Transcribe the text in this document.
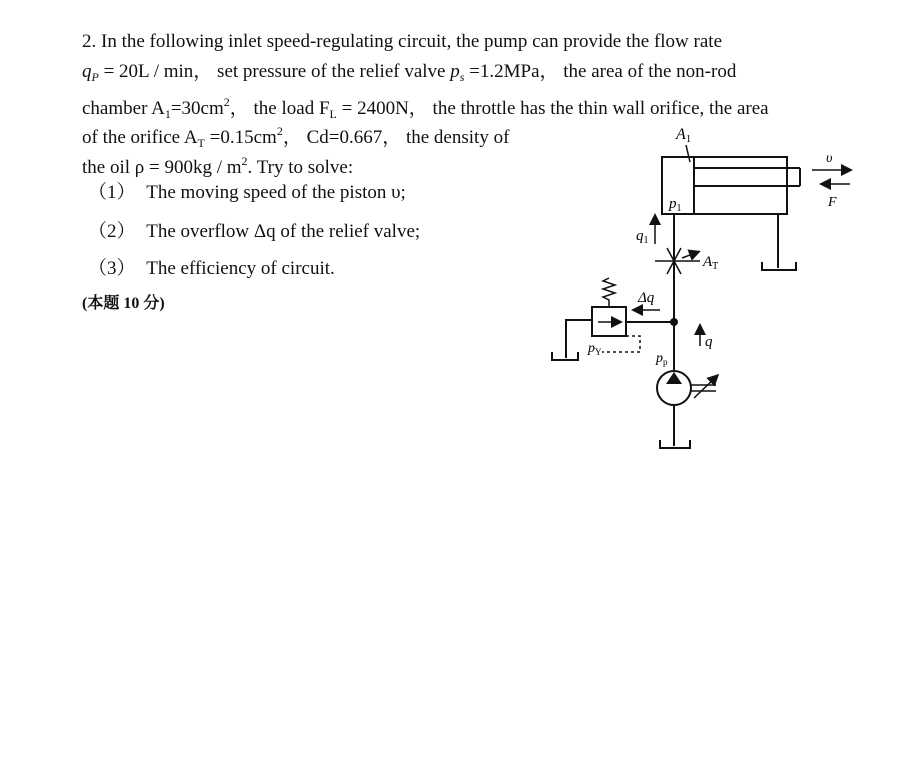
2. In the following inlet speed-regulating circuit, the pump can provide the flow rate
$q_P = 20L / \min$， set pressure of the relief valve $p_s =1.2MPa$， the area of the non-rod
chamber $A_1=30cm^2$， the load $F_L = 2400N$， the throttle has the thin wall orifice, the area
of the orifice $A_T =0.15cm^2$， Cd=0.667， the density of
the oil $\rho = 900kg / m^2$. Try to solve:
（1） The moving speed of the piston υ;
（2） The overflow Δq of the relief valve;
（3） The efficiency of circuit.
(本题 10 分)
A1
$p_1$
υ
F
$q_1$
$A_T$
Δq
q
$p_Y$	$p_p$
